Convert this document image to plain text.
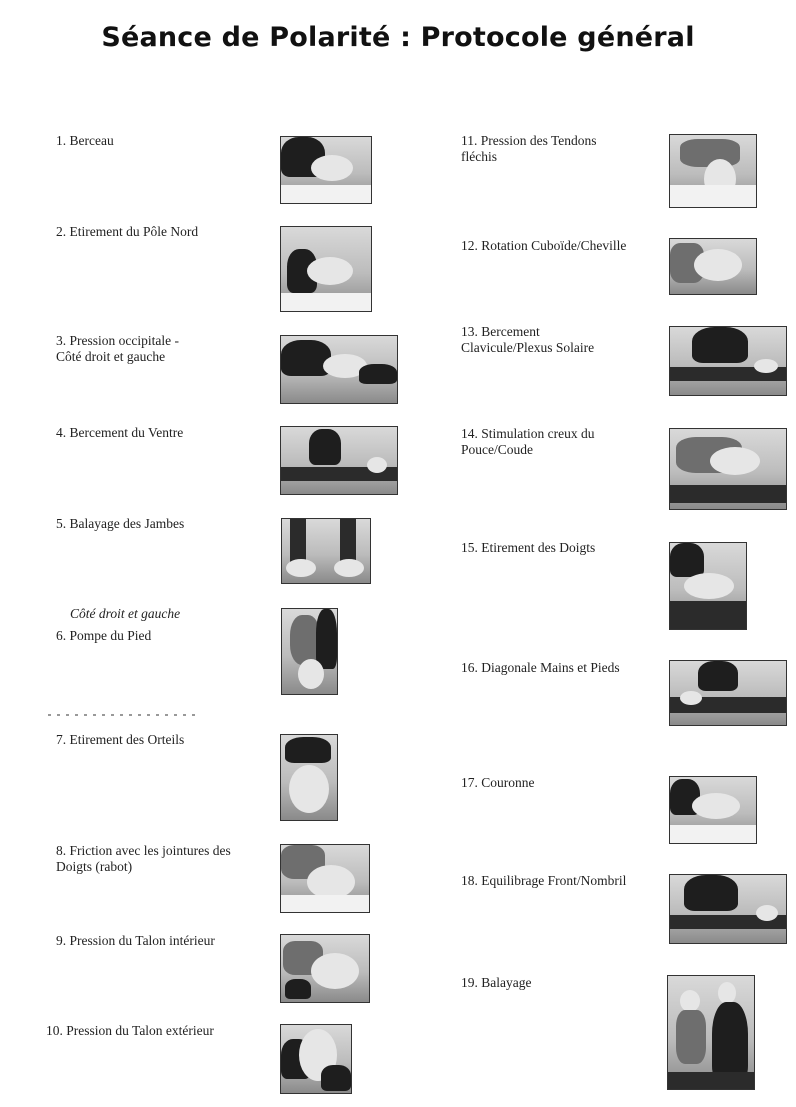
Séance de Polarité : Protocole général
1. Berceau
2. Etirement du Pôle Nord
3. Pression occipitale -
Côté droit et gauche
4. Bercement du Ventre
5. Balayage des Jambes
Côté droit et gauche
6. Pompe du Pied
7. Etirement des Orteils
8. Friction avec les jointures des
Doigts (rabot)
9. Pression du Talon intérieur
10. Pression du Talon extérieur
11. Pression des Tendons
fléchis
12. Rotation Cuboïde/Cheville
13. Bercement
Clavicule/Plexus Solaire
14. Stimulation creux du
Pouce/Coude
15. Etirement des Doigts
16. Diagonale Mains et Pieds
17. Couronne
18. Equilibrage Front/Nombril
19. Balayage
